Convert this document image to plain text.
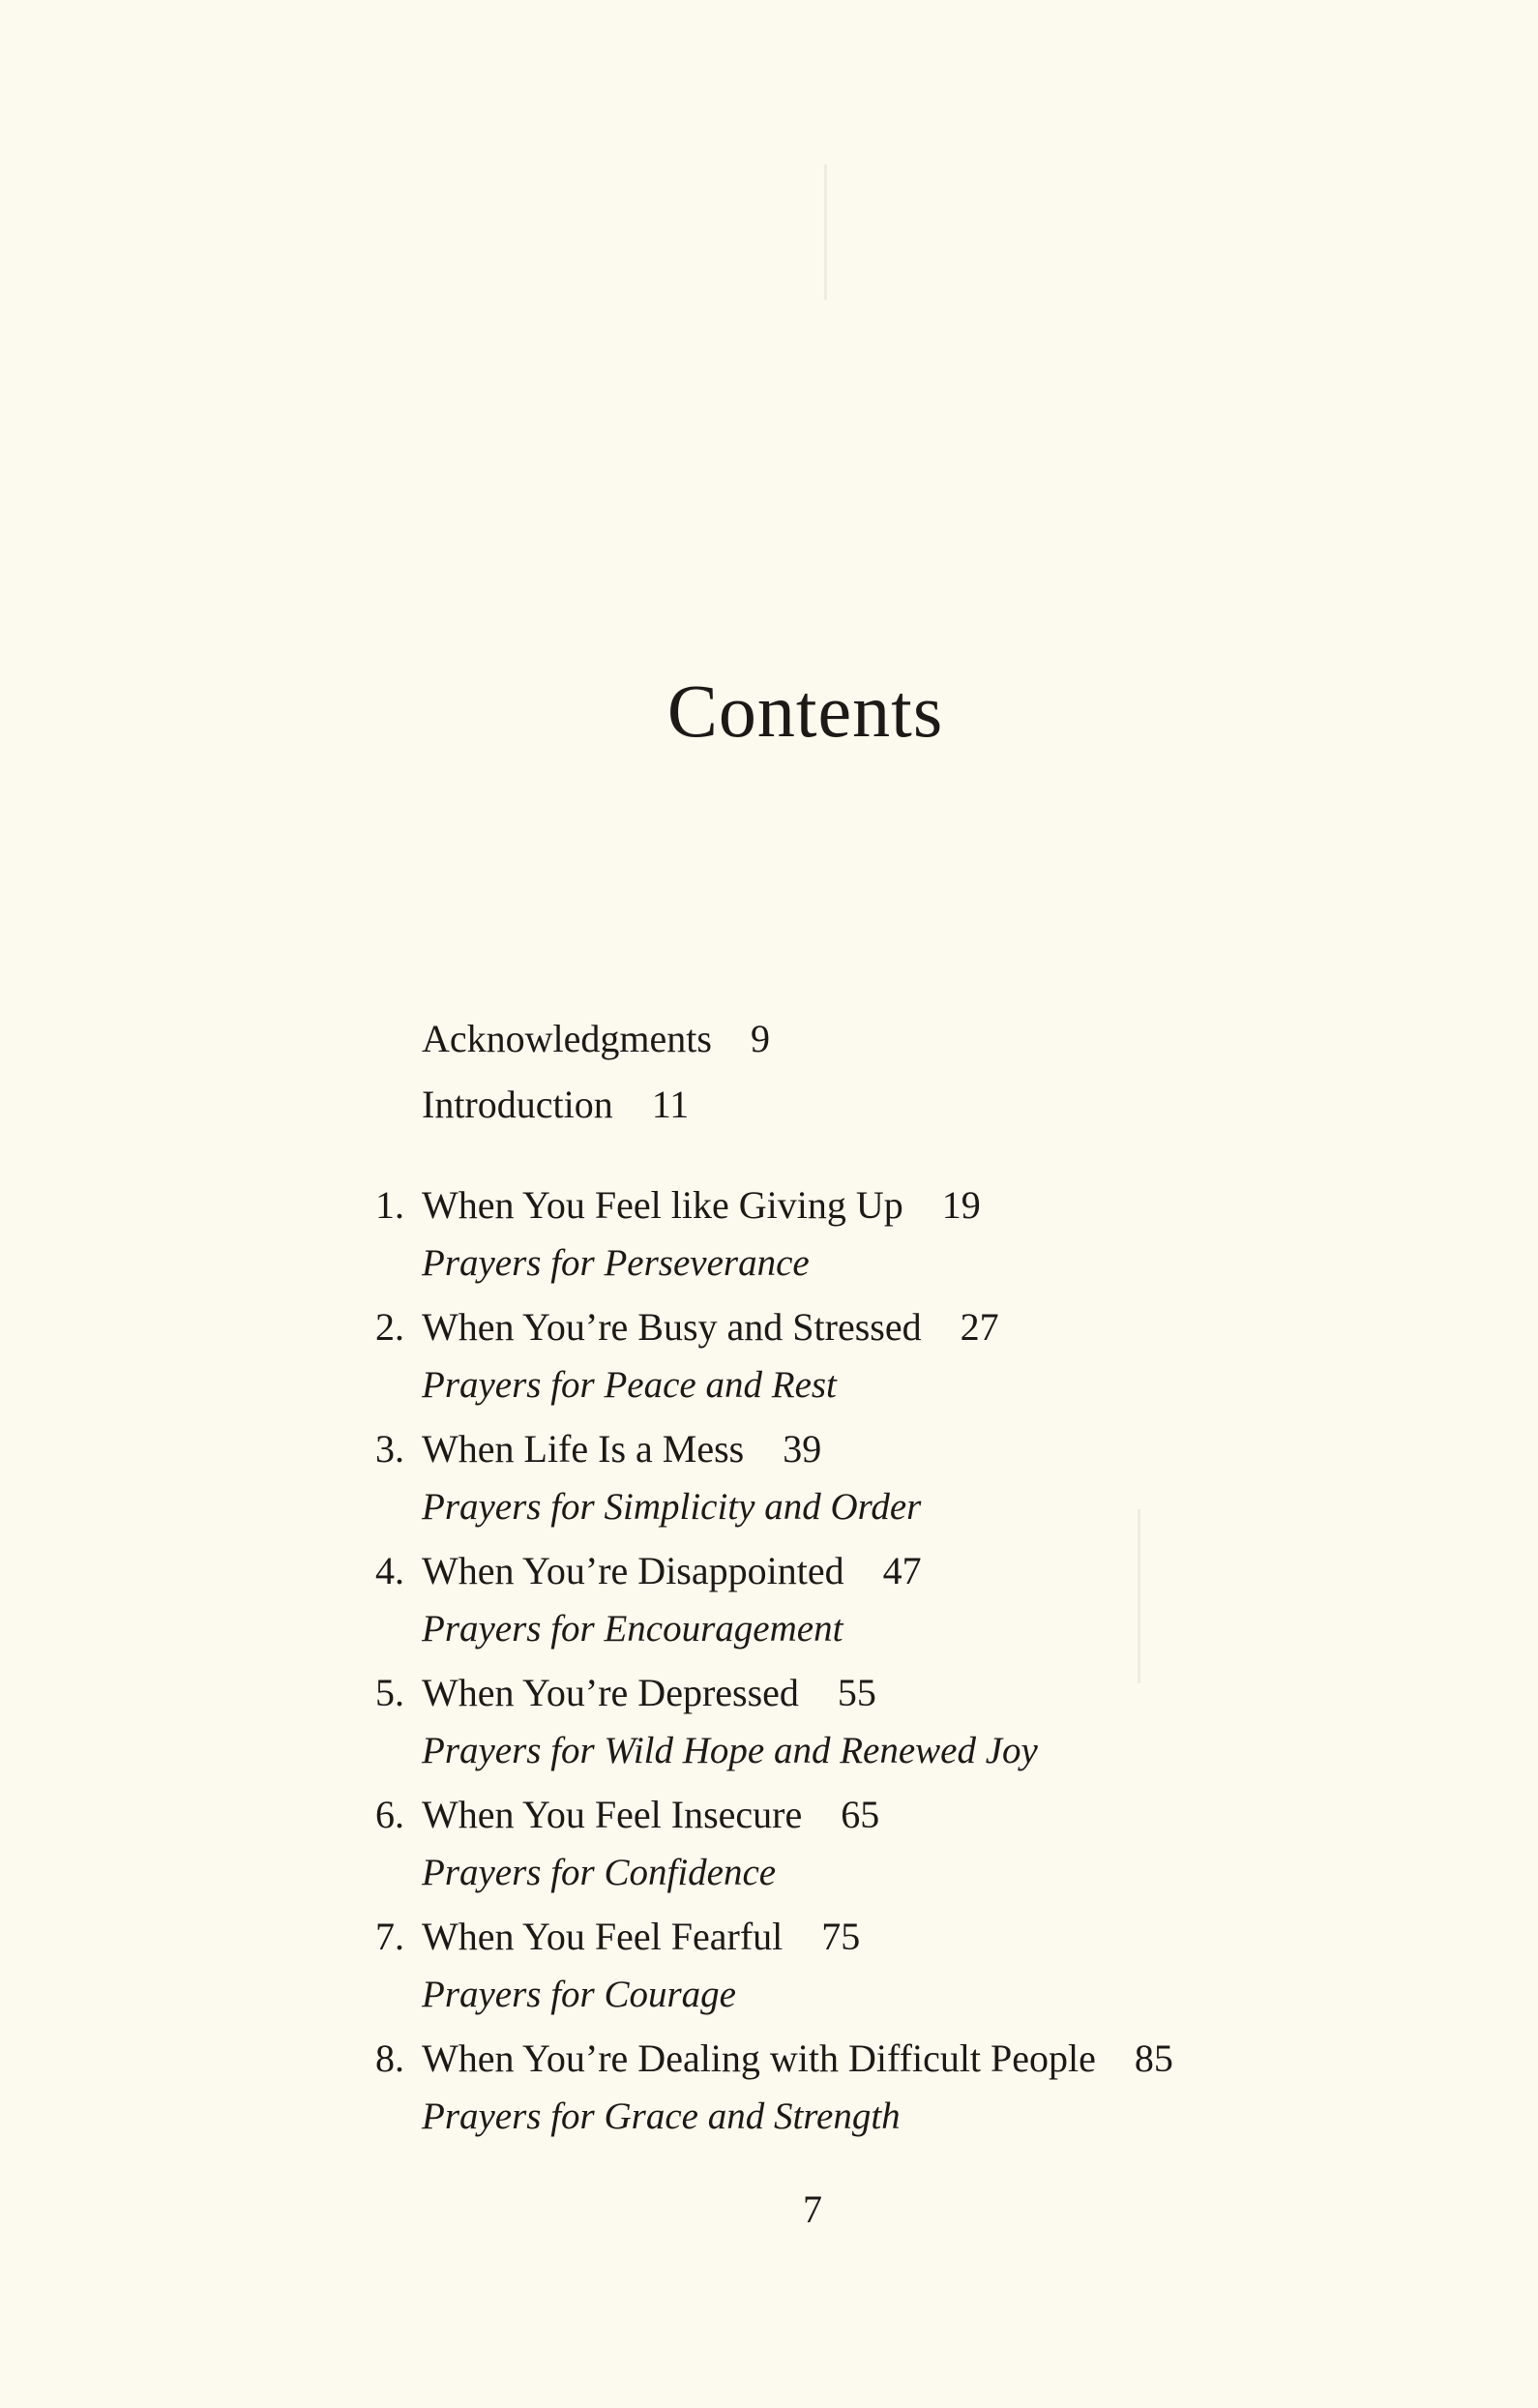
Contents
Acknowledgments 9
Introduction 11
1. When You Feel like Giving Up 19
Prayers for Perseverance
2. When You’re Busy and Stressed 27
Prayers for Peace and Rest
3. When Life Is a Mess 39
Prayers for Simplicity and Order
4. When You’re Disappointed 47
Prayers for Encouragement
5. When You’re Depressed 55
Prayers for Wild Hope and Renewed Joy
6. When You Feel Insecure 65
Prayers for Confidence
7. When You Feel Fearful 75
Prayers for Courage
8. When You’re Dealing with Difficult People 85
Prayers for Grace and Strength
7
